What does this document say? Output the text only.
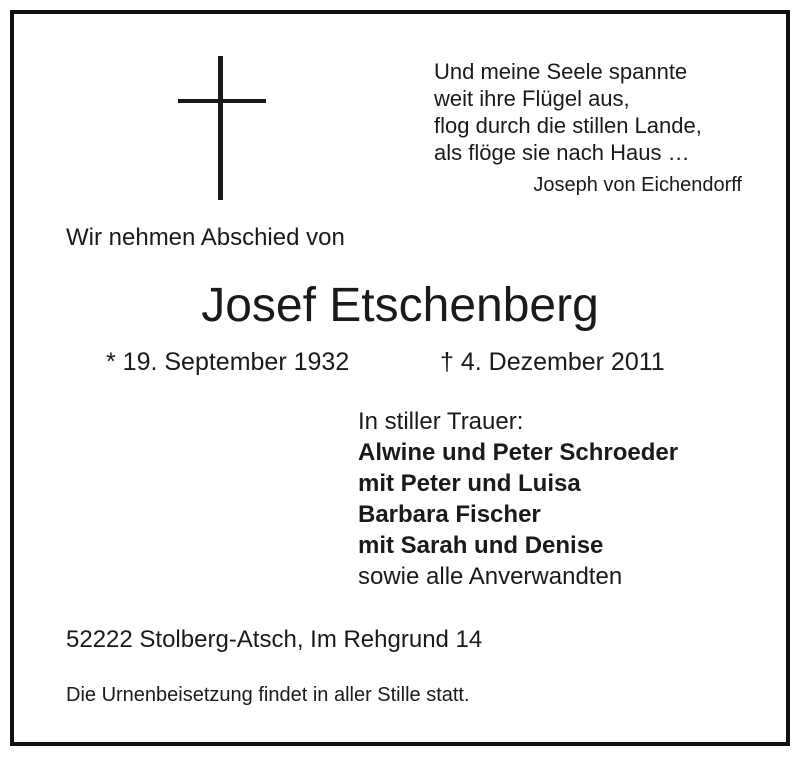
Und meine Seele spannte
weit ihre Flügel aus,
flog durch die stillen Lande,
als flöge sie nach Haus …
Joseph von Eichendorff
Wir nehmen Abschied von
Josef Etschenberg
* 19. September 1932	† 4. Dezember 2011
In stiller Trauer:
Alwine und Peter Schroeder
mit Peter und Luisa
Barbara Fischer
mit Sarah und Denise
sowie alle Anverwandten
52222 Stolberg-Atsch, Im Rehgrund 14
Die Urnenbeisetzung findet in aller Stille statt.
